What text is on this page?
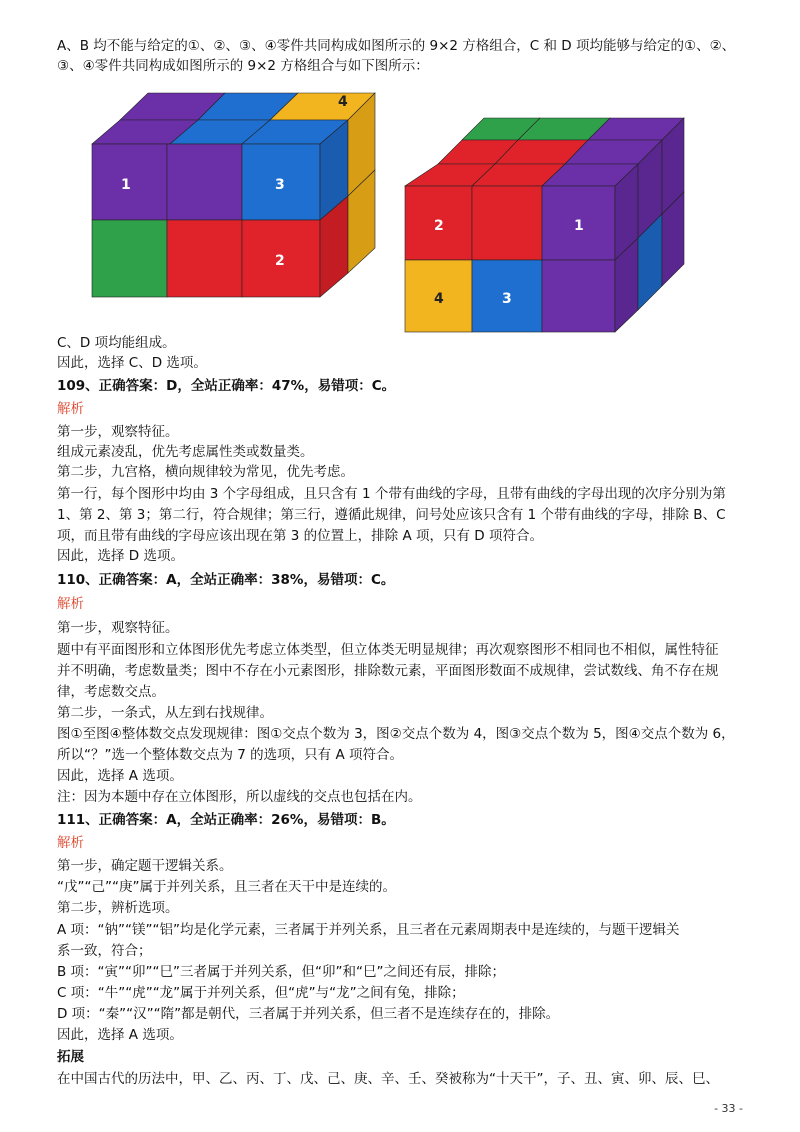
A、B 均不能与给定的①、②、③、④零件共同构成如图所示的 9×2 方格组合，C 和 D 项均能够与给定的①、②、
③、④零件共同构成如图所示的 9×2 方格组合与如下图所示：
1	3
2
4
2	1
4	3
C、D 项均能组成。
因此，选择 C、D 选项。
109、正确答案：D，全站正确率：47%，易错项：C。
解析
第一步，观察特征。
组成元素凌乱，优先考虑属性类或数量类。
第二步，九宫格，横向规律较为常见，优先考虑。
第一行，每个图形中均由 3 个字母组成，且只含有 1 个带有曲线的字母，且带有曲线的字母出现的次序分别为第
1、第 2、第 3；第二行，符合规律；第三行，遵循此规律，问号处应该只含有 1 个带有曲线的字母，排除 B、C
项，而且带有曲线的字母应该出现在第 3 的位置上，排除 A 项，只有 D 项符合。
因此，选择 D 选项。
110、正确答案：A，全站正确率：38%，易错项：C。
解析
第一步，观察特征。
题中有平面图形和立体图形优先考虑立体类型，但立体类无明显规律；再次观察图形不相同也不相似，属性特征
并不明确，考虑数量类；图中不存在小元素图形，排除数元素，平面图形数面不成规律，尝试数线、角不存在规
律，考虑数交点。
第二步，一条式，从左到右找规律。
图①至图④整体数交点发现规律：图①交点个数为 3，图②交点个数为 4，图③交点个数为 5，图④交点个数为 6，
所以“？”选一个整体数交点为 7 的选项，只有 A 项符合。
因此，选择 A 选项。
注：因为本题中存在立体图形，所以虚线的交点也包括在内。
111、正确答案：A，全站正确率：26%，易错项：B。
解析
第一步，确定题干逻辑关系。
“戊”“己”“庚”属于并列关系，且三者在天干中是连续的。
第二步，辨析选项。
A 项：“钠”“镁”“铝”均是化学元素，三者属于并列关系，且三者在元素周期表中是连续的，与题干逻辑关
系一致，符合；
B 项：“寅”“卯”“巳”三者属于并列关系，但“卯”和“巳”之间还有辰，排除；
C 项：“牛”“虎”“龙”属于并列关系，但“虎”与“龙”之间有兔，排除；
D 项：“秦”“汉”“隋”都是朝代，三者属于并列关系，但三者不是连续存在的，排除。
因此，选择 A 选项。
拓展
在中国古代的历法中，甲、乙、丙、丁、戊、己、庚、辛、壬、癸被称为“十天干”，子、丑、寅、卯、辰、巳、
- 33 -
